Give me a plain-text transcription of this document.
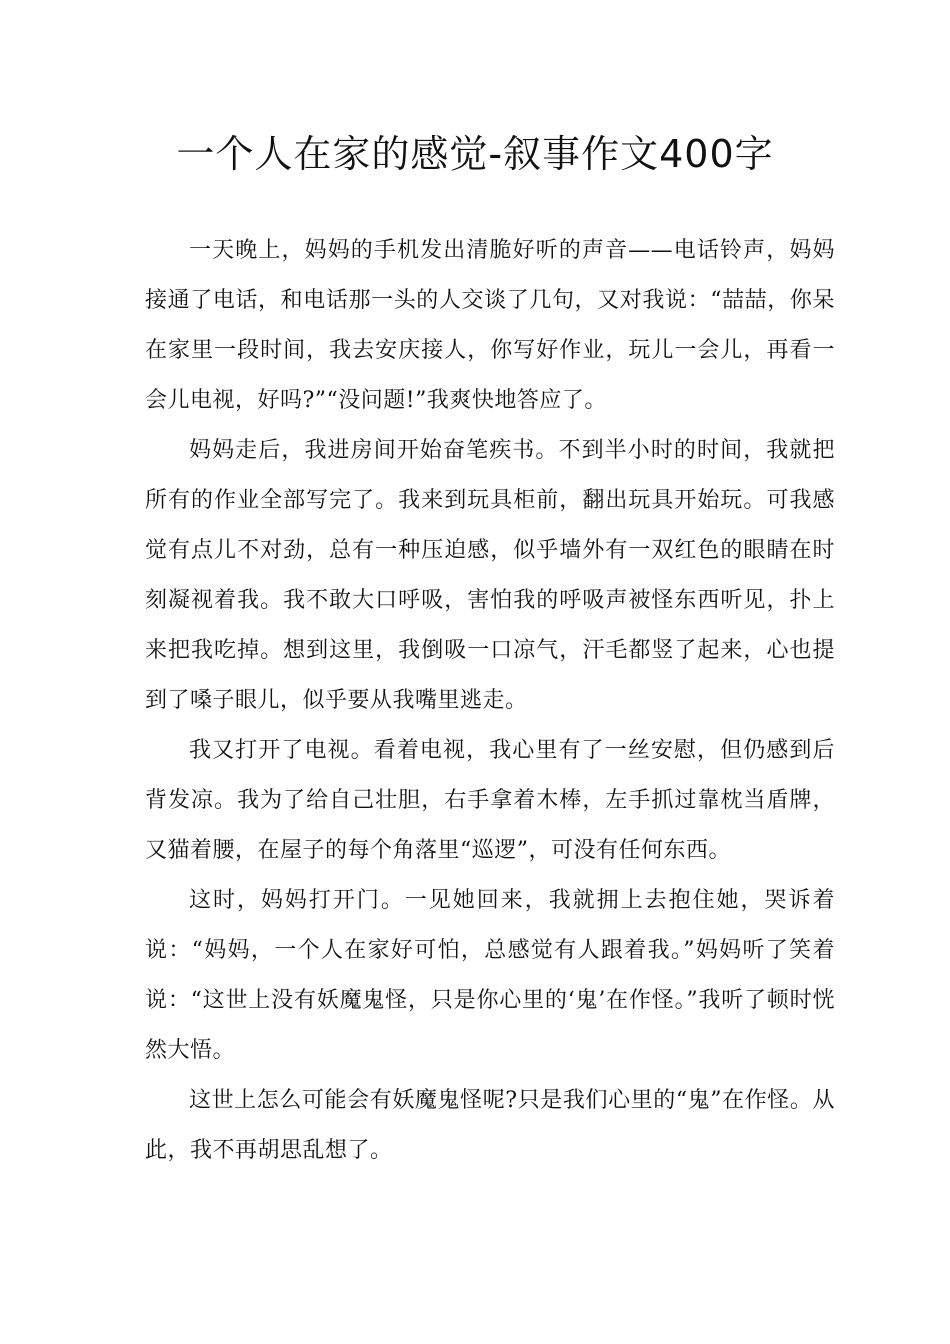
一个人在家的感觉-叙事作文400字

一天晚上，妈妈的手机发出清脆好听的声音——电话铃声，妈妈接通了电话，和电话那一头的人交谈了几句，又对我说：“喆喆，你呆在家里一段时间，我去安庆接人，你写好作业，玩儿一会儿，再看一会儿电视，好吗?”“没问题!”我爽快地答应了。

妈妈走后，我进房间开始奋笔疾书。不到半小时的时间，我就把所有的作业全部写完了。我来到玩具柜前，翻出玩具开始玩。可我感觉有点儿不对劲，总有一种压迫感，似乎墙外有一双红色的眼睛在时刻凝视着我。我不敢大口呼吸，害怕我的呼吸声被怪东西听见，扑上来把我吃掉。想到这里，我倒吸一口凉气，汗毛都竖了起来，心也提到了嗓子眼儿，似乎要从我嘴里逃走。

我又打开了电视。看着电视，我心里有了一丝安慰，但仍感到后背发凉。我为了给自己壮胆，右手拿着木棒，左手抓过靠枕当盾牌，又猫着腰，在屋子的每个角落里“巡逻”，可没有任何东西。

这时，妈妈打开门。一见她回来，我就拥上去抱住她，哭诉着说：“妈妈，一个人在家好可怕，总感觉有人跟着我。”妈妈听了笑着说：“这世上没有妖魔鬼怪，只是你心里的‘鬼’在作怪。”我听了顿时恍然大悟。

这世上怎么可能会有妖魔鬼怪呢?只是我们心里的“鬼”在作怪。从此，我不再胡思乱想了。
